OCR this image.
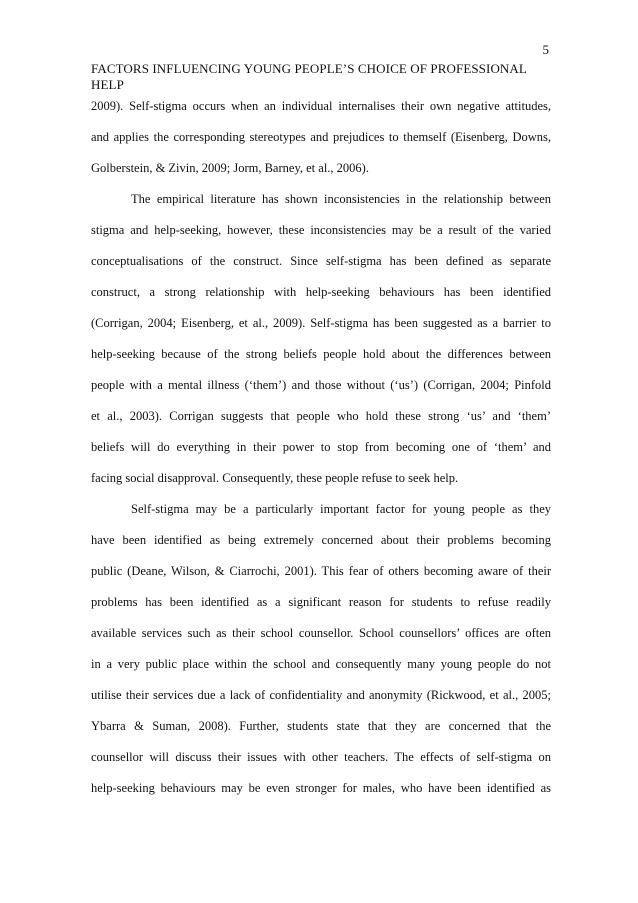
5
FACTORS INFLUENCING YOUNG PEOPLE’S CHOICE OF PROFESSIONAL HELP
2009). Self-stigma occurs when an individual internalises their own negative attitudes,
and applies the corresponding stereotypes and prejudices to themself (Eisenberg, Downs,
Golberstein, & Zivin, 2009; Jorm, Barney, et al., 2006).
The empirical literature has shown inconsistencies in the relationship between
stigma and help-seeking, however, these inconsistencies may be a result of the varied
conceptualisations of the construct. Since self-stigma has been defined as separate
construct, a strong relationship with help-seeking behaviours has been identified
(Corrigan, 2004; Eisenberg, et al., 2009). Self-stigma has been suggested as a barrier to
help-seeking because of the strong beliefs people hold about the differences between
people with a mental illness (‘them’) and those without (‘us’) (Corrigan, 2004; Pinfold
et al., 2003). Corrigan suggests that people who hold these strong ‘us’ and ‘them’
beliefs will do everything in their power to stop from becoming one of ‘them’ and
facing social disapproval. Consequently, these people refuse to seek help.
Self-stigma may be a particularly important factor for young people as they
have been identified as being extremely concerned about their problems becoming
public (Deane, Wilson, & Ciarrochi, 2001). This fear of others becoming aware of their
problems has been identified as a significant reason for students to refuse readily
available services such as their school counsellor. School counsellors’ offices are often
in a very public place within the school and consequently many young people do not
utilise their services due a lack of confidentiality and anonymity (Rickwood, et al., 2005;
Ybarra & Suman, 2008). Further, students state that they are concerned that the
counsellor will discuss their issues with other teachers. The effects of self-stigma on
help-seeking behaviours may be even stronger for males, who have been identified as
